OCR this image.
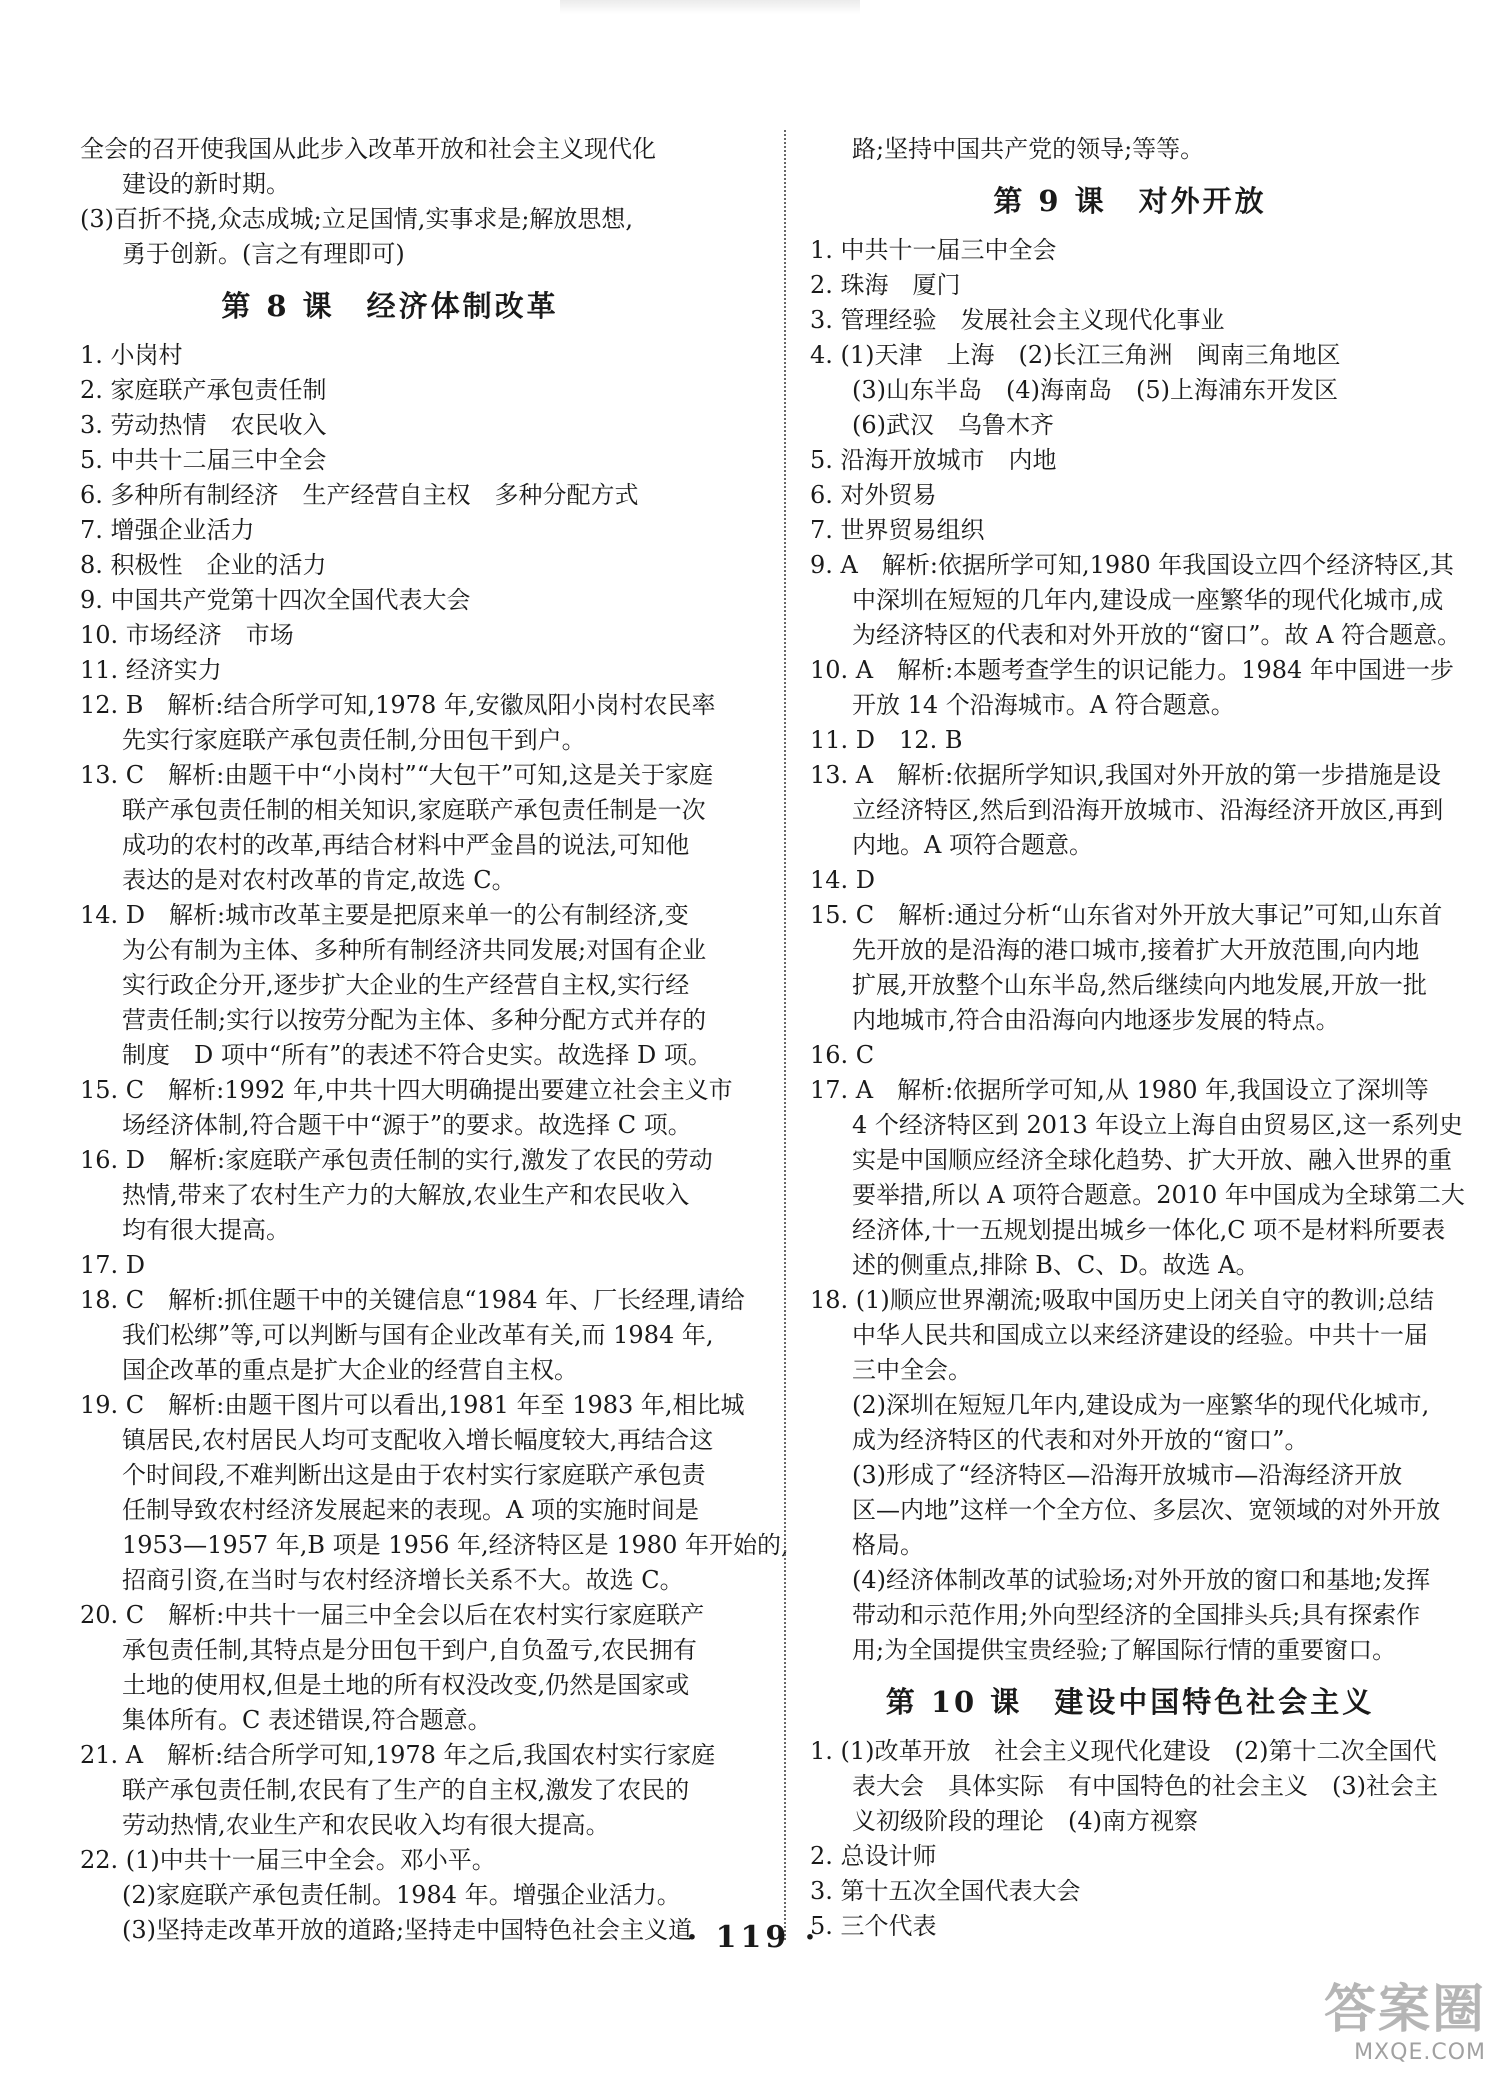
全会的召开使我国从此步入改革开放和社会主义现代化
建设的新时期。
(3)百折不挠,众志成城;立足国情,实事求是;解放思想,
勇于创新。(言之有理即可)
第 8 课　经济体制改革
1. 小岗村
2. 家庭联产承包责任制
3. 劳动热情　农民收入
5. 中共十二届三中全会
6. 多种所有制经济　生产经营自主权　多种分配方式
7. 增强企业活力
8. 积极性　企业的活力
9. 中国共产党第十四次全国代表大会
10. 市场经济　市场
11. 经济实力
12. B　解析:结合所学可知,1978 年,安徽凤阳小岗村农民率
先实行家庭联产承包责任制,分田包干到户。
13. C　解析:由题干中“小岗村”“大包干”可知,这是关于家庭
联产承包责任制的相关知识,家庭联产承包责任制是一次
成功的农村的改革,再结合材料中严金昌的说法,可知他
表达的是对农村改革的肯定,故选 C。
14. D　解析:城市改革主要是把原来单一的公有制经济,变
为公有制为主体、多种所有制经济共同发展;对国有企业
实行政企分开,逐步扩大企业的生产经营自主权,实行经
营责任制;实行以按劳分配为主体、多种分配方式并存的
制度　D 项中“所有”的表述不符合史实。故选择 D 项。
15. C　解析:1992 年,中共十四大明确提出要建立社会主义市
场经济体制,符合题干中“源于”的要求。故选择 C 项。
16. D　解析:家庭联产承包责任制的实行,激发了农民的劳动
热情,带来了农村生产力的大解放,农业生产和农民收入
均有很大提高。
17. D
18. C　解析:抓住题干中的关键信息“1984 年、厂长经理,请给
我们松绑”等,可以判断与国有企业改革有关,而 1984 年,
国企改革的重点是扩大企业的经营自主权。
19. C　解析:由题干图片可以看出,1981 年至 1983 年,相比城
镇居民,农村居民人均可支配收入增长幅度较大,再结合这
个时间段,不难判断出这是由于农村实行家庭联产承包责
任制导致农村经济发展起来的表现。A 项的实施时间是
1953—1957 年,B 项是 1956 年,经济特区是 1980 年开始的,
招商引资,在当时与农村经济增长关系不大。故选 C。
20. C　解析:中共十一届三中全会以后在农村实行家庭联产
承包责任制,其特点是分田包干到户,自负盈亏,农民拥有
土地的使用权,但是土地的所有权没改变,仍然是国家或
集体所有。C 表述错误,符合题意。
21. A　解析:结合所学可知,1978 年之后,我国农村实行家庭
联产承包责任制,农民有了生产的自主权,激发了农民的
劳动热情,农业生产和农民收入均有很大提高。
22. (1)中共十一届三中全会。邓小平。
(2)家庭联产承包责任制。1984 年。增强企业活力。
(3)坚持走改革开放的道路;坚持走中国特色社会主义道
路;坚持中国共产党的领导;等等。
第 9 课　对外开放
1. 中共十一届三中全会
2. 珠海　厦门
3. 管理经验　发展社会主义现代化事业
4. (1)天津　上海　(2)长江三角洲　闽南三角地区
(3)山东半岛　(4)海南岛　(5)上海浦东开发区
(6)武汉　乌鲁木齐
5. 沿海开放城市　内地
6. 对外贸易
7. 世界贸易组织
9. A　解析:依据所学可知,1980 年我国设立四个经济特区,其
中深圳在短短的几年内,建设成一座繁华的现代化城市,成
为经济特区的代表和对外开放的“窗口”。故 A 符合题意。
10. A　解析:本题考查学生的识记能力。1984 年中国进一步
开放 14 个沿海城市。A 符合题意。
11. D　12. B
13. A　解析:依据所学知识,我国对外开放的第一步措施是设
立经济特区,然后到沿海开放城市、沿海经济开放区,再到
内地。A 项符合题意。
14. D
15. C　解析:通过分析“山东省对外开放大事记”可知,山东首
先开放的是沿海的港口城市,接着扩大开放范围,向内地
扩展,开放整个山东半岛,然后继续向内地发展,开放一批
内地城市,符合由沿海向内地逐步发展的特点。
16. C
17. A　解析:依据所学可知,从 1980 年,我国设立了深圳等
4 个经济特区到 2013 年设立上海自由贸易区,这一系列史
实是中国顺应经济全球化趋势、扩大开放、融入世界的重
要举措,所以 A 项符合题意。2010 年中国成为全球第二大
经济体,十一五规划提出城乡一体化,C 项不是材料所要表
述的侧重点,排除 B、C、D。故选 A。
18. (1)顺应世界潮流;吸取中国历史上闭关自守的教训;总结
中华人民共和国成立以来经济建设的经验。中共十一届
三中全会。
(2)深圳在短短几年内,建设成为一座繁华的现代化城市,
成为经济特区的代表和对外开放的“窗口”。
(3)形成了“经济特区—沿海开放城市—沿海经济开放
区—内地”这样一个全方位、多层次、宽领域的对外开放
格局。
(4)经济体制改革的试验场;对外开放的窗口和基地;发挥
带动和示范作用;外向型经济的全国排头兵;具有探索作
用;为全国提供宝贵经验;了解国际行情的重要窗口。
第 10 课　建设中国特色社会主义
1. (1)改革开放　社会主义现代化建设　(2)第十二次全国代
表大会　具体实际　有中国特色的社会主义　(3)社会主
义初级阶段的理论　(4)南方视察
2. 总设计师
3. 第十五次全国代表大会
5. 三个代表
· 119 ·
答案圈
MXQE.COM
